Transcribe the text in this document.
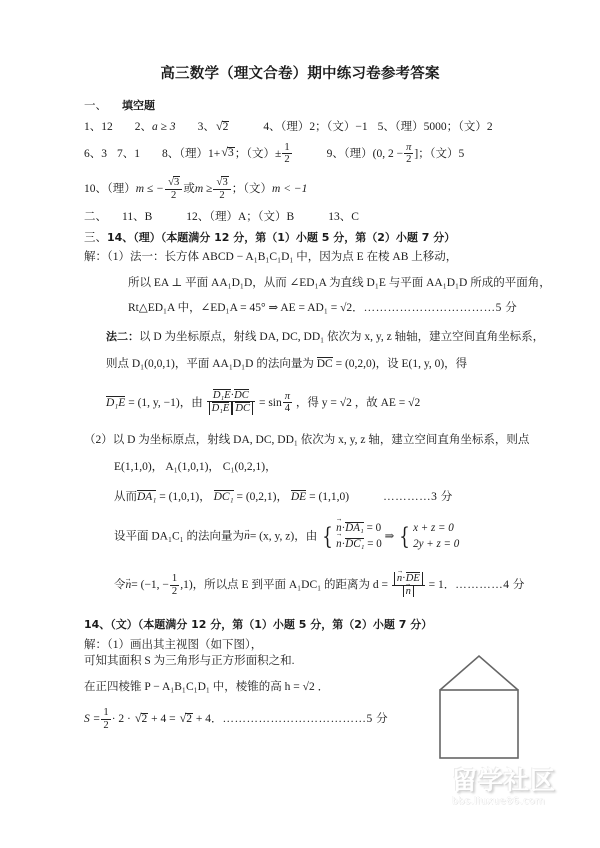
高三数学（理文合卷）期中练习卷参考答案
一、 填空题
1、12 2、a ≥ 3 3、√2	4、（理）2；（文）−1 5、（理）5000；（文）2
6、3 7、1 8、（理）1+√3；（文）± $\frac{1}{2}$	9、（理）(0, $2 - \frac{\pi}{2}$ ]；（文）5
10、（理）m ≤ − $\frac{√3}{2}$ 或$m \ge \frac{√3}{2}$ ；（文）m < −1
二、 11、B	12、（理）A；（文）B	13、C
三、14、（理）（本题满分 12 分，第（1）小题 5 分，第（2）小题 7 分）
解：（1）法一：长方体 ABCD − A₁B₁C₁D₁ 中，因为点 E 在棱 AB 上移动，
所以 EA ⊥ 平面 AA₁D₁D，从而 ∠ED₁A 为直线 D₁E 与平面 AA₁D₁D 所成的平面角，
Rt△ED₁A 中，∠ED₁A = 45° ⇒ AE = AD₁ = √2．……………………………5 分
法二：以 D 为坐标原点，射线 DA, DC, DD₁ 依次为 x, y, z 轴轴，建立空间直角坐标系，
则点 D₁(0,0,1)，平面 AA₁D₁D 的法向量为 DC = (0,2,0)，设 E(1, y, 0)，得
D₁E = (1, y, −1)，由 $\frac{\text{D₁E·DC}}{\text{D₁E DC}} = \sin \frac{\pi}{4}$ ，得 y = √2 ，故 AE = √2
（2）以 D 为坐标原点，射线 DA, DC, DD₁ 依次为 x, y, z 轴，建立空间直角坐标系，则点
E(1,1,0)， A₁(1,0,1)， C₁(0,2,1)，
从而DA₁ = (1,0,1)， DC₁ = (0,2,1)， DE = (1,1,0)	…………3 分
设平面 DA₁C₁ 的法向量为→ n= (x, y, z)，由 { → n·DA₁ = 0
→ n·DC₁ = 0
⇒ { x + z = 0
2y + z = 0
令→ n= (−1, − $\frac{1}{2} ,1$)，所以点 E 到平面 A₁DC₁ 的距离为 d = → n·DE
→ n = 1．…………4 分
14、（文）（本题满分 12 分，第（1）小题 5 分，第（2）小题 7 分）
解：（1）画出其主视图（如下图），
可知其面积 S 为三角形与正方形面积之和.
在正四棱锥 P − A₁B₁C₁D₁ 中，棱锥的高 h = √2 ．
$S = \frac{1}{2} \cdot 2 \cdot √2 + 4 = √2 + 4$．………………………………5 分
留学社区
bbs.liuxue86.com
